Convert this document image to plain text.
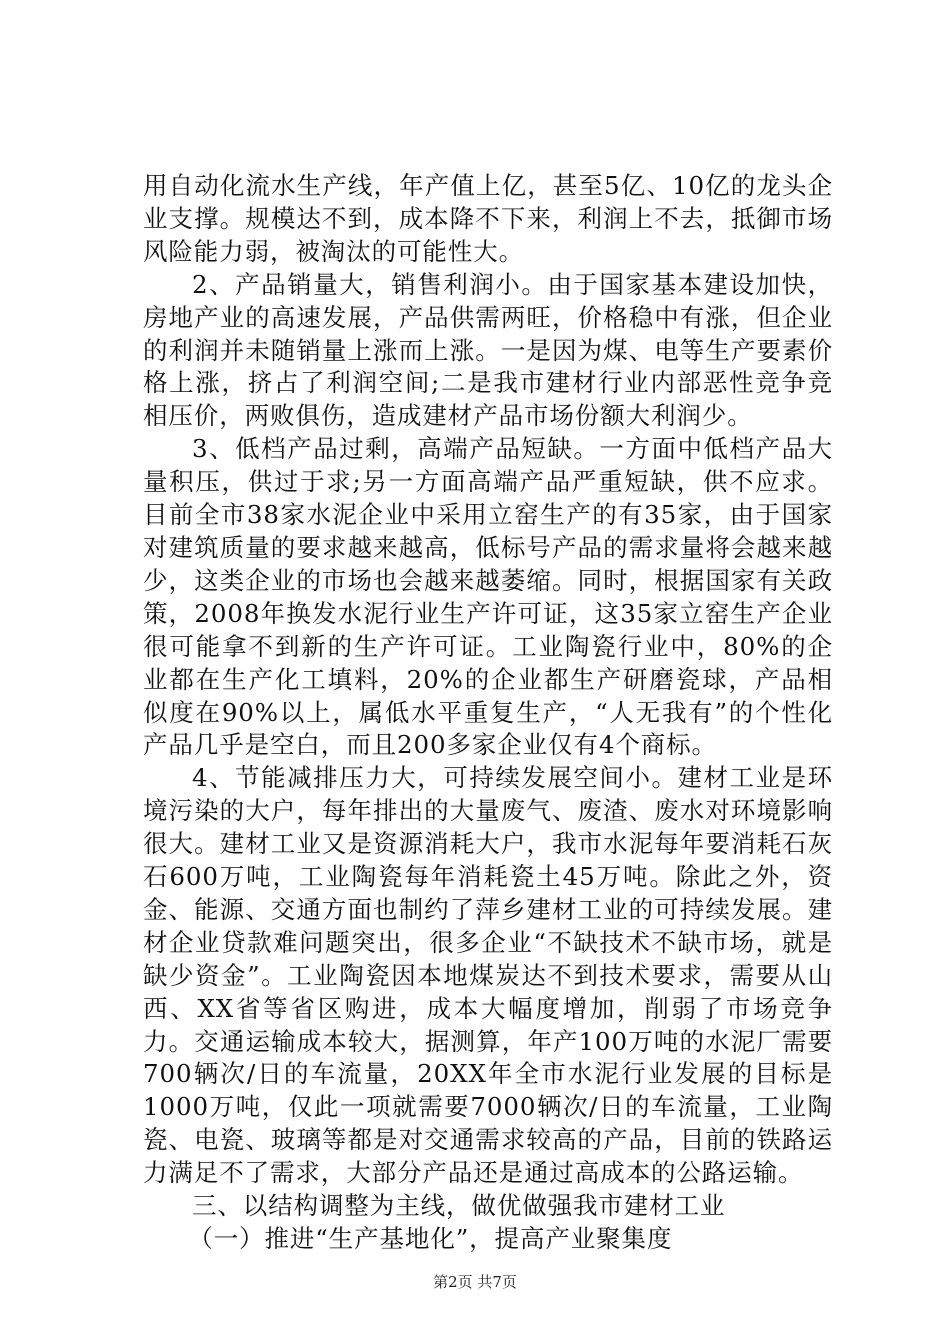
用自动化流水生产线，年产值上亿，甚至5亿、10亿的龙头企业支撑。规模达不到，成本降不下来，利润上不去，抵御市场风险能力弱，被淘汰的可能性大。

2、产品销量大，销售利润小。由于国家基本建设加快，房地产业的高速发展，产品供需两旺，价格稳中有涨，但企业的利润并未随销量上涨而上涨。一是因为煤、电等生产要素价格上涨，挤占了利润空间;二是我市建材行业内部恶性竞争竞相压价，两败俱伤，造成建材产品市场份额大利润少。

3、低档产品过剩，高端产品短缺。一方面中低档产品大量积压，供过于求;另一方面高端产品严重短缺，供不应求。目前全市38家水泥企业中采用立窑生产的有35家，由于国家对建筑质量的要求越来越高，低标号产品的需求量将会越来越少，这类企业的市场也会越来越萎缩。同时，根据国家有关政策，2008年换发水泥行业生产许可证，这35家立窑生产企业很可能拿不到新的生产许可证。工业陶瓷行业中，80%的企业都在生产化工填料，20%的企业都生产研磨瓷球，产品相似度在90%以上，属低水平重复生产，“人无我有”的个性化产品几乎是空白，而且200多家企业仅有4个商标。

4、节能减排压力大，可持续发展空间小。建材工业是环境污染的大户，每年排出的大量废气、废渣、废水对环境影响很大。建材工业又是资源消耗大户，我市水泥每年要消耗石灰石600万吨，工业陶瓷每年消耗瓷土45万吨。除此之外，资金、能源、交通方面也制约了萍乡建材工业的可持续发展。建材企业贷款难问题突出，很多企业“不缺技术不缺市场，就是缺少资金”。工业陶瓷因本地煤炭达不到技术要求，需要从山西、XX省等省区购进，成本大幅度增加，削弱了市场竞争力。交通运输成本较大，据测算，年产100万吨的水泥厂需要700辆次/日的车流量，20XX年全市水泥行业发展的目标是1000万吨，仅此一项就需要7000辆次/日的车流量，工业陶瓷、电瓷、玻璃等都是对交通需求较高的产品，目前的铁路运力满足不了需求，大部分产品还是通过高成本的公路运输。

三、以结构调整为主线，做优做强我市建材工业

（一）推进“生产基地化”，提高产业聚集度

第2页 共7页
